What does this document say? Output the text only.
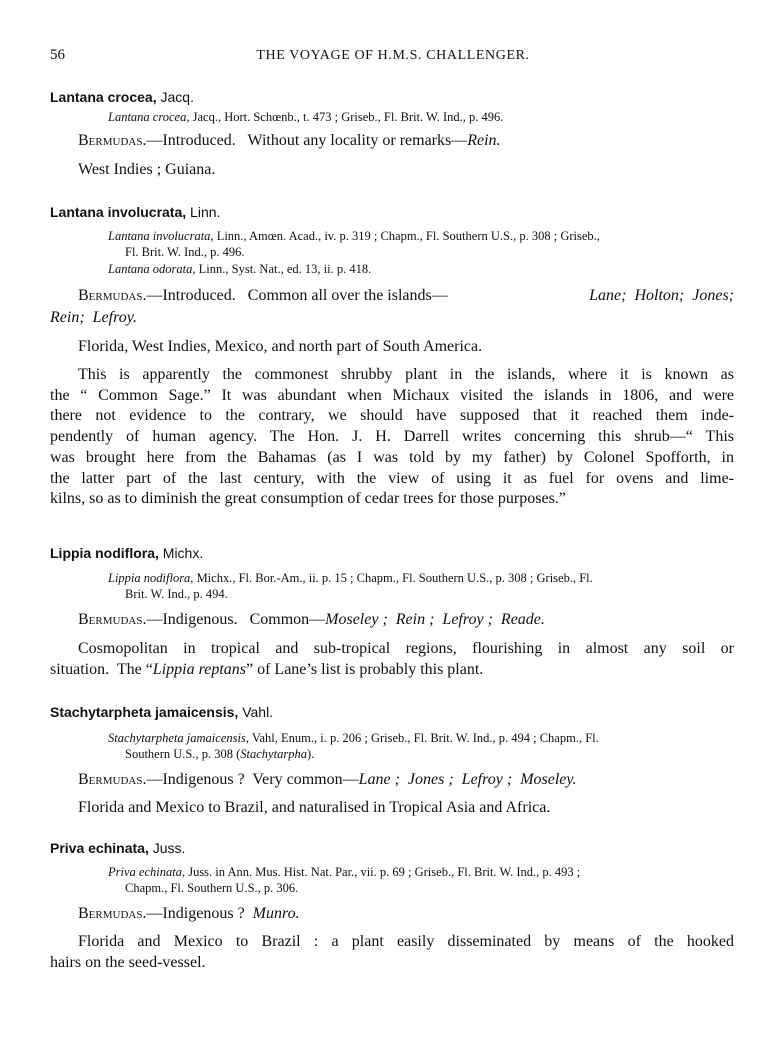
56	THE VOYAGE OF H.M.S. CHALLENGER.
Lantana crocea, Jacq.
Lantana crocea, Jacq., Hort. Schœnb., t. 473 ; Griseb., Fl. Brit. W. Ind., p. 496.
Bermudas.—Introduced.   Without any locality or remarks—Rein.
West Indies ; Guiana.
Lantana involucrata, Linn.
Lantana involucrata, Linn., Amœn. Acad., iv. p. 319 ; Chapm., Fl. Southern U.S., p. 308 ; Griseb.,
Fl. Brit. W. Ind., p. 496.
Lantana odorata, Linn., Syst. Nat., ed. 13, ii. p. 418.
Bermudas.—Introduced.   Common all over the islands—	Lane;  Holton;  Jones;
Rein;  Lefroy.
Florida, West Indies, Mexico, and north part of South America.
This is apparently the commonest shrubby plant in the islands, where it is known as
the “ Common Sage.” It was abundant when Michaux visited the islands in 1806, and were
there not evidence to the contrary, we should have supposed that it reached them inde-
pendently of human agency. The Hon. J. H. Darrell writes concerning this shrub—“ This
was brought here from the Bahamas (as I was told by my father) by Colonel Spofforth, in
the latter part of the last century, with the view of using it as fuel for ovens and lime-
kilns, so as to diminish the great consumption of cedar trees for those purposes.”
Lippia nodiflora, Michx.
Lippia nodiflora, Michx., Fl. Bor.-Am., ii. p. 15 ; Chapm., Fl. Southern U.S., p. 308 ; Griseb., Fl.
Brit. W. Ind., p. 494.
Bermudas.—Indigenous.   Common—Moseley ;  Rein ;  Lefroy ;  Reade.
Cosmopolitan in tropical and sub-tropical regions, flourishing in almost any soil or
situation.  The “Lippia reptans” of Lane’s list is probably this plant.
Stachytarpheta jamaicensis, Vahl.
Stachytarpheta jamaicensis, Vahl, Enum., i. p. 206 ; Griseb., Fl. Brit. W. Ind., p. 494 ; Chapm., Fl.
Southern U.S., p. 308 (Stachytarpha).
Bermudas.—Indigenous ?  Very common—Lane ;  Jones ;  Lefroy ;  Moseley.
Florida and Mexico to Brazil, and naturalised in Tropical Asia and Africa.
Priva echinata, Juss.
Priva echinata, Juss. in Ann. Mus. Hist. Nat. Par., vii. p. 69 ; Griseb., Fl. Brit. W. Ind., p. 493 ;
Chapm., Fl. Southern U.S., p. 306.
Bermudas.—Indigenous ?  Munro.
Florida and Mexico to Brazil : a plant easily disseminated by means of the hooked
hairs on the seed-vessel.
